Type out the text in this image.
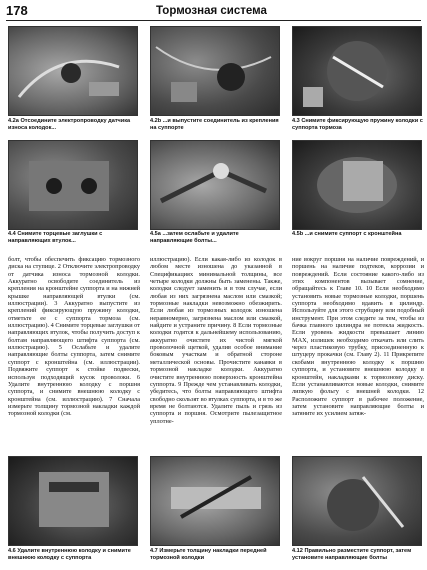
178	Тормозная система
4.2a Отсоедините электропроводку датчика износа колодок...
4.2b ...и выпустите соединитель из крепления на суппорте
4.3 Снимите фиксирующую пружину колодки с суппорта тормоза
4.4 Снимите торцевые заглушки с направляющих втулок...
4.5a ...затем ослабьте и удалите направляющие болты...
4.5b ...и снимите суппорт с кронштейна

болт, чтобы обеспечить фиксацию тормозного диска на ступице. 2 Отключите электропроводку от датчика износа тормозной колодки. Аккуратно освободите соединитель из крепления на кронштейне суппорта и на нижней крышке направляющей втулки (см. иллюстрации). 3 Аккуратно выпустите из креплений фиксирующую пружину колодки, отметьте ее с суппорта тормоза (см. иллюстрацию). 4 Снимите торцевые заглушки от направляющих втулок, чтобы получить доступ к болтам направляющего штифта суппорта (см. иллюстрацию). 5 Ослабьте и удалите направляющие болты суппорта, затем снимите суппорт с кронштейна (см. иллюстрации). Подвяжите суппорт к стойке подвески, используя подходящий кусок проволоки. 6 Удалите внутреннюю колодку с поршня суппорта, и снимите внешнюю колодку с кронштейна (см. иллюстрацию). 7 Сначала измерьте толщину тормозной накладки каждой тормозной колодки (см.

иллюстрацию). Если какая-либо из колодок в любом месте изношена до указанной в Спецификациях минимальной толщины, все четыре колодки должны быть заменены. Также, колодки следует заменить и в том случае, если любая из них загрязнена маслом или смазкой; тормозные накладки невозможно обезжирить. Если любая из тормозных колодок изношена неравномерно, загрязнена маслом или смазкой, найдите и устраните причину. 8 Если тормозные колодки годятся к дальнейшему использованию, аккуратно очистите их чистой мягкой проволочной щеткой, удалив особое внимание боковым участкам и обратной стороне металлической основы. Прочистите канавки в тормозной накладке колодки. Аккуратно очистите внутреннюю поверхность кронштейна суппорта. 9 Прежде чем устанавливать колодки, убедитесь, что болты направляющего штифта свободно скользят во втулках суппорта, и в то же время не болтаются. Удалите пыль и грязь из суппорта и поршня. Осмотрите пылезащитное уплотне-

ние вокруг поршня на наличие повреждений, и поршень на наличие подтеков, коррозии и повреждений. Если состояние какого-либо из этих компонентов вызывает сомнение, обращайтесь к Главе 10. 10 Если необходимо установить новые тормозные колодки, поршень суппорта необходимо вдавить в цилиндр. Используйте для этого струбцину или подобный инструмент. При этом следите за тем, чтобы из бачка главного цилиндра не потекла жидкость. Если уровень жидкости превышает линию MAX, излишек необходимо откачать или слить через пластиковую трубку, присоединенную к штуцеру прокачки (см. Главу 2). 11 Прикрепите скобами внутреннюю колодку к поршню суппорта, и установите внешнюю колодку в кронштейн, накладками к тормозному диску. Если устанавливаются новые колодки, снимите липкую фольгу с внешней колодки. 12 Расположите суппорт в рабочее положение, затем установите направляющие болты и затяните их усилием затяж-

4.6 Удалите внутреннюю колодку и снимите внешнюю колодку с суппорта
4.7 Измерьте толщину накладки передней тормозной колодки
4.12 Правильно разместите суппорт, затем установите направляющие болты
